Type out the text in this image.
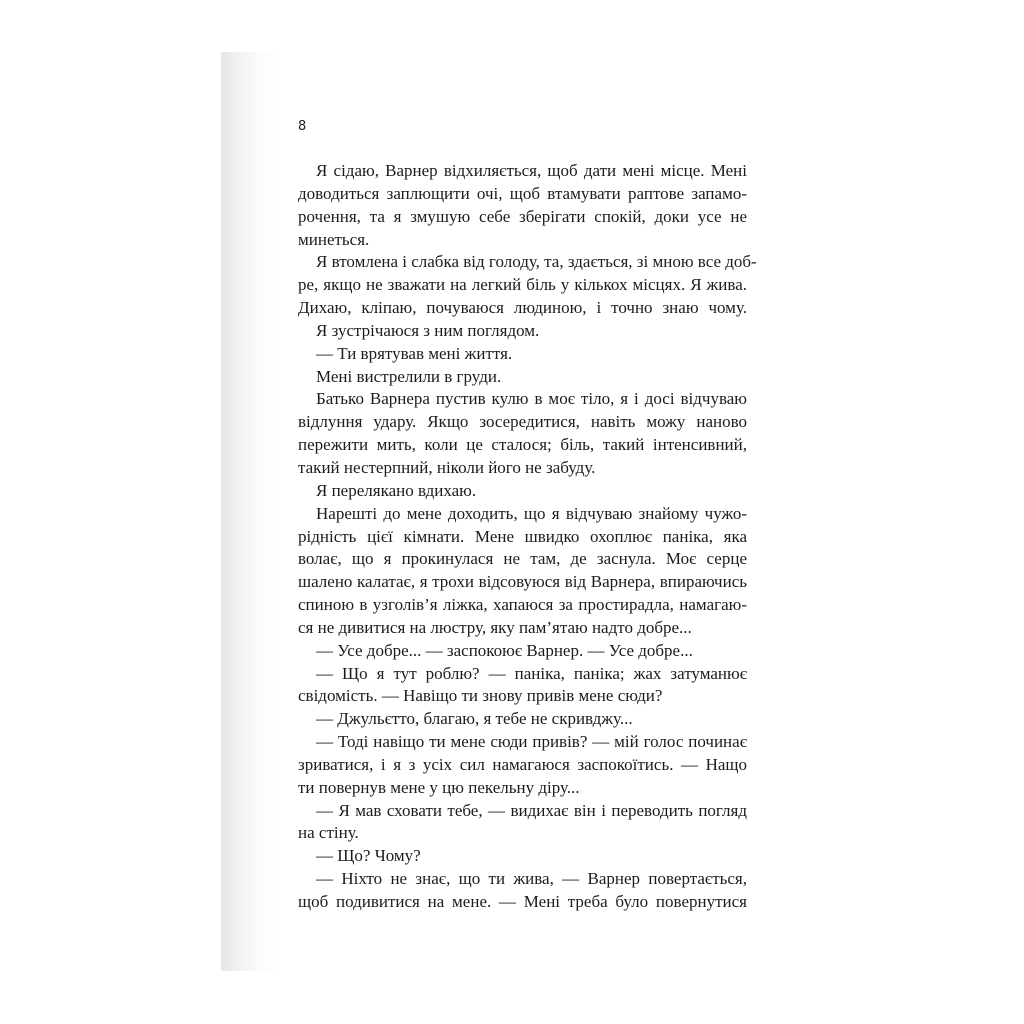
8
Я сідаю, Варнер відхиляється, щоб дати мені місце. Мені
доводиться заплющити очі, щоб втамувати раптове запамо-
рочення, та я змушую себе зберігати спокій, доки усе не
минеться.
Я втомлена і слабка від голоду, та, здається, зі мною все доб-
ре, якщо не зважати на легкий біль у кількох місцях. Я жива.
Дихаю, кліпаю, почуваюся людиною, і точно знаю чому.
Я зустрічаюся з ним поглядом.
— Ти врятував мені життя.
Мені вистрелили в груди.
Батько Варнера пустив кулю в моє тіло, я і досі відчуваю
відлуння удару. Якщо зосередитися, навіть можу наново
пережити мить, коли це сталося; біль, такий інтенсивний,
такий нестерпний, ніколи його не забуду.
Я перелякано вдихаю.
Нарешті до мене доходить, що я відчуваю знайому чужо-
рідність цієї кімнати. Мене швидко охоплює паніка, яка
волає, що я прокинулася не там, де заснула. Моє серце
шалено калатає, я трохи відсовуюся від Варнера, впираючись
спиною в узголів’я ліжка, хапаюся за простирадла, намагаю-
ся не дивитися на люстру, яку пам’ятаю надто добре...
— Усе добре... — заспокоює Варнер. — Усе добре...
— Що я тут роблю? — паніка, паніка; жах затуманює
свідомість. — Навіщо ти знову привів мене сюди?
— Джульєтто, благаю, я тебе не скривджу...
— Тоді навіщо ти мене сюди привів? — мій голос починає
зриватися, і я з усіх сил намагаюся заспокоїтись. — Нащо
ти повернув мене у цю пекельну діру...
— Я мав сховати тебе, — видихає він і переводить погляд
на стіну.
— Що? Чому?
— Ніхто не знає, що ти жива, — Варнер повертається,
щоб подивитися на мене. — Мені треба було повернутися
